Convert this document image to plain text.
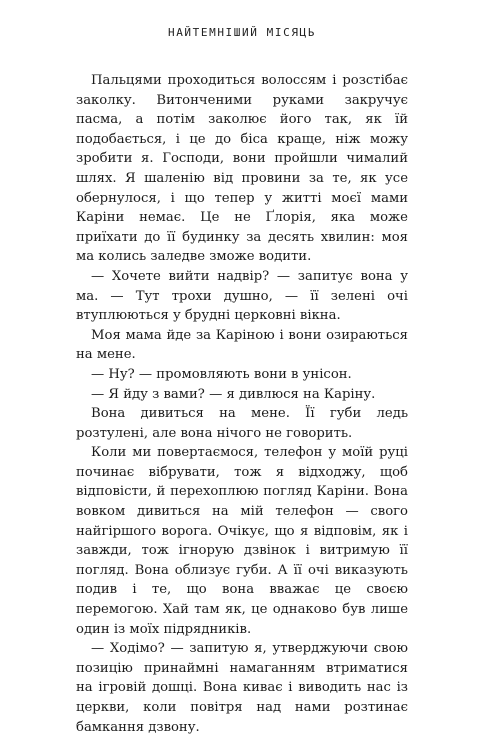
НАЙТЕМНІШИЙ МІСЯЦЬ

Пальцями проходиться волоссям і розстібає заколку. Витонченими руками закручує пасма, а потім заколює його так, як їй подобається, і це до біса краще, ніж можу зробити я. Господи, вони пройшли чималий шлях. Я шаленію від провини за те, як усе обернулося, і що тепер у житті моєї мами Каріни немає. Це не Ґлорія, яка може приїхати до її будинку за десять хвилин: моя ма колись заледве зможе водити.

— Хочете вийти надвір? — запитує вона у ма. — Тут трохи душно, — її зелені очі втуплюються у брудні церковні вікна.

Моя мама йде за Каріною і вони озираються на мене.

— Ну? — промовляють вони в унісон.

— Я йду з вами? — я дивлюся на Каріну.

Вона дивиться на мене. Її губи ледь розтулені, але вона нічого не говорить.

Коли ми повертаємося, телефон у моїй руці починає вібрувати, тож я відходжу, щоб відповісти, й перехоплюю погляд Каріни. Вона вовком дивиться на мій телефон — свого найгіршого ворога. Очікує, що я відповім, як і завжди, тож ігнорую дзвінок і витримую її погляд. Вона облизує губи. А її очі виказують подив і те, що вона вважає це своєю перемогою. Хай там як, це однаково був лише один із моїх підрядників.

— Ходімо? — запитую я, утверджуючи свою позицію принаймні намаганням втриматися на ігровій дошці. Вона киває і виводить нас із церкви, коли повітря над нами розтинає бамкання дзвону.
